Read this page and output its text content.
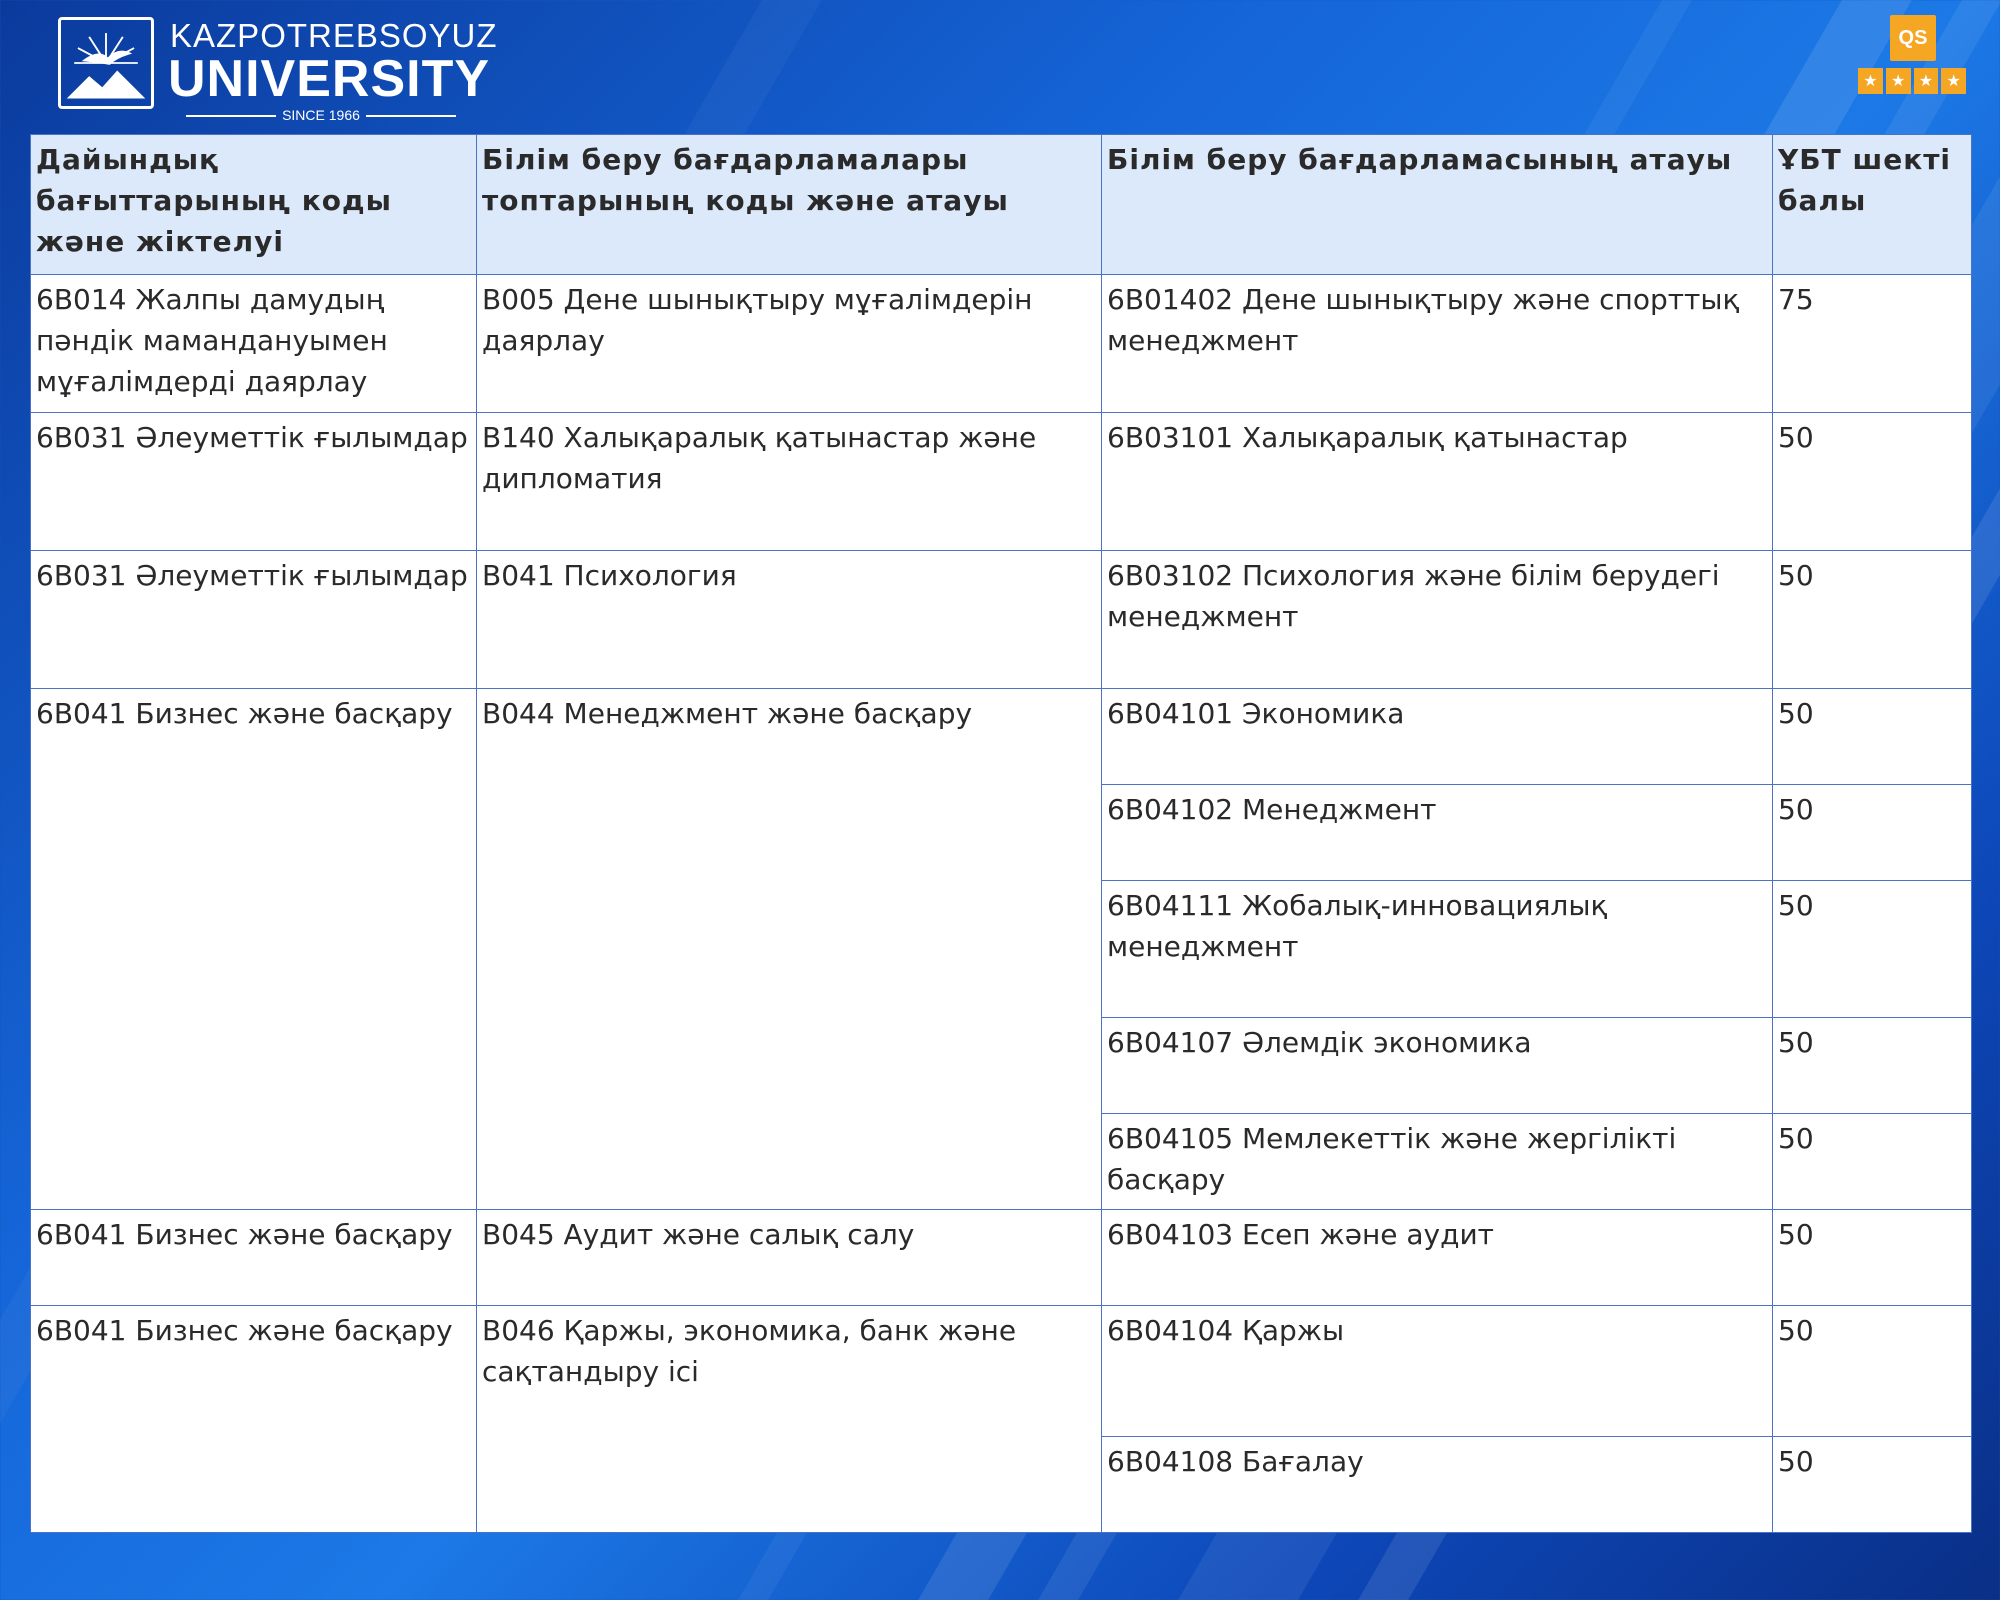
KAZPOTREBSOYUZ
UNIVERSITY
SINCE 1966
QS
★ ★ ★ ★
Дайындық бағыттарының коды және жіктелуі	Білім беру бағдарламалары топтарының коды және атауы	Білім беру бағдарламасының атауы	ҰБТ шекті балы
6В014 Жалпы дамудың пәндік мамандануымен мұғалімдерді даярлау	В005 Дене шынықтыру мұғалімдерін даярлау	6В01402 Дене шынықтыру және спорттық менеджмент	75
6В031 Әлеуметтік ғылымдар	В140 Халықаралық қатынастар және дипломатия	6В03101 Халықаралық қатынастар	50
6В031 Әлеуметтік ғылымдар	В041 Психология	6В03102 Психология және білім берудегі менеджмент	50
6В041 Бизнес және басқару	В044 Менеджмент және басқару	6В04101 Экономика	50
		6В04102 Менеджмент	50
		6В04111 Жобалық-инновациялық менеджмент	50
		6В04107 Әлемдік экономика	50
		6В04105 Мемлекеттік және жергілікті басқару	50
6В041 Бизнес және басқару	В045 Аудит және салық салу	6В04103 Есеп және аудит	50
6В041 Бизнес және басқару	В046 Қаржы, экономика, банк және сақтандыру ісі	6В04104 Қаржы	50
		6В04108 Бағалау	50
